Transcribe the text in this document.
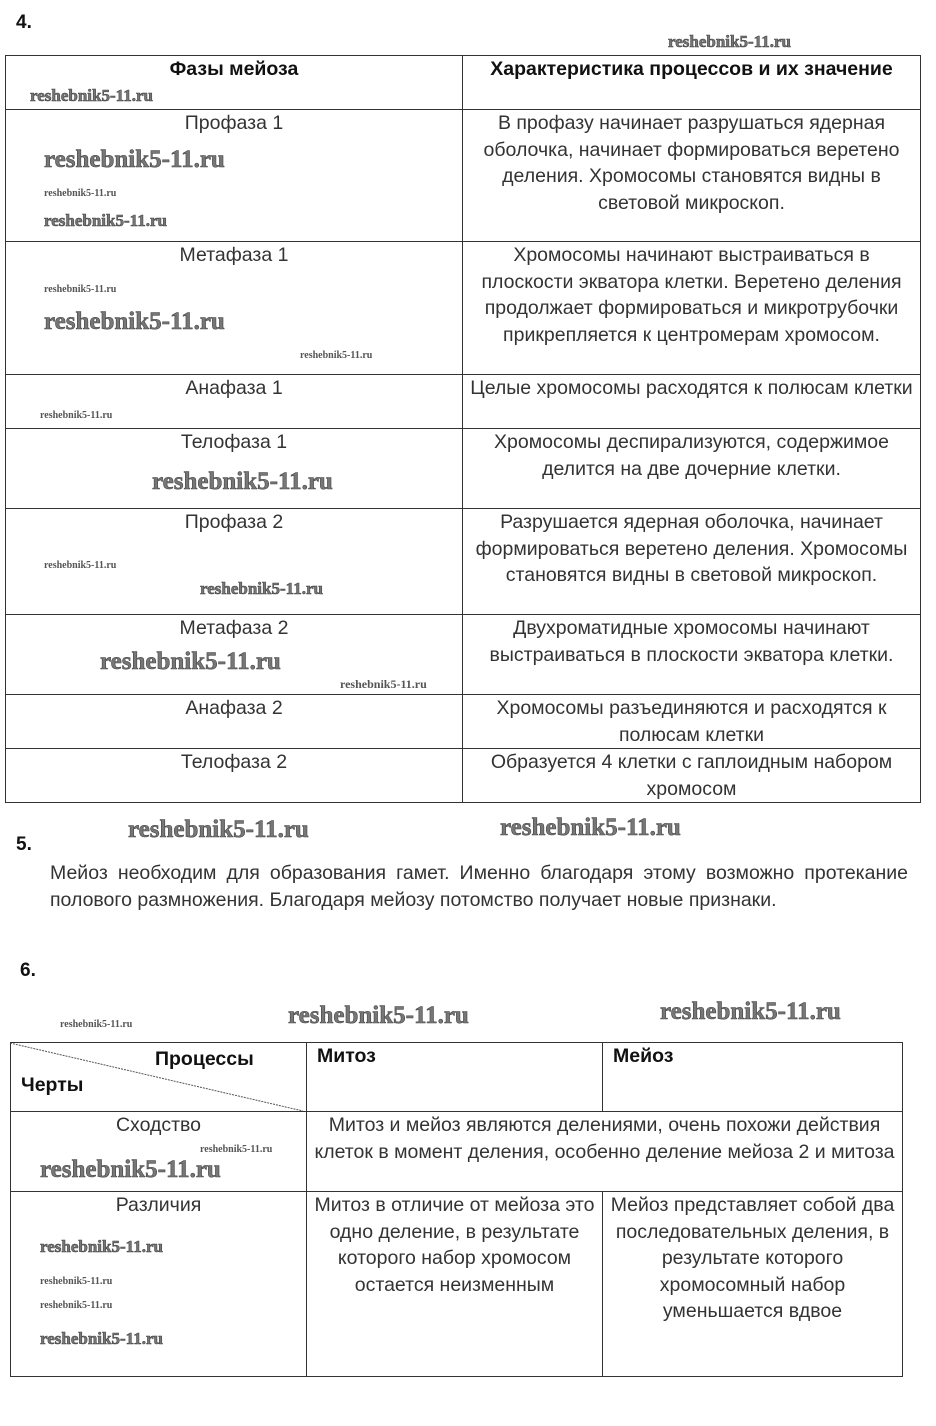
4.
Фазы мейоза	Характеристика процессов и их значение
Профаза 1	В профазу начинает разрушаться ядерная оболочка, начинает формироваться веретено деления. Хромосомы становятся видны в световой микроскоп.
Метафаза 1	Хромосомы начинают выстраиваться в плоскости экватора клетки. Веретено деления продолжает формироваться и микротрубочки прикрепляется к центромерам хромосом.
Анафаза 1	Целые хромосомы расходятся к полюсам клетки
Телофаза 1	Хромосомы деспирализуются, содержимое делится на две дочерние клетки.
Профаза 2	Разрушается ядерная оболочка, начинает формироваться веретено деления. Хромосомы становятся видны в световой микроскоп.
Метафаза 2	Двухроматидные хромосомы начинают выстраиваться в плоскости экватора клетки.
Анафаза 2	Хромосомы разъединяются и расходятся к полюсам клетки
Телофаза 2	Образуется 4 клетки с гаплоидным набором хромосом
5.
Мейоз необходим для образования гамет. Именно благодаря этому возможно протекание полового размножения. Благодаря мейозу потомство получает новые признаки.
6.
Процессы
Черты	Митоз	Мейоз
Сходство	Митоз и мейоз являются делениями, очень похожи действия клеток в момент деления, особенно деление мейоза 2 и митоза	
Различия	Митоз в отличие от мейоза это одно деление, в результате которого набор хромосом остается неизменным	Мейоз представляет собой два последовательных деления, в результате которого хромосомный набор уменьшается вдвое
reshebnik5-11.ru
reshebnik5-11.ru
reshebnik5-11.ru
reshebnik5-11.ru
reshebnik5-11.ru
reshebnik5-11.ru
reshebnik5-11.ru
reshebnik5-11.ru
reshebnik5-11.ru
reshebnik5-11.ru
reshebnik5-11.ru
reshebnik5-11.ru
reshebnik5-11.ru
reshebnik5-11.ru
reshebnik5-11.ru	reshebnik5-11.ru
reshebnik5-11.ru	reshebnik5-11.ru	reshebnik5-11.ru
reshebnik5-11.ru
reshebnik5-11.ru
reshebnik5-11.ru
reshebnik5-11.ru
reshebnik5-11.ru
reshebnik5-11.ru
